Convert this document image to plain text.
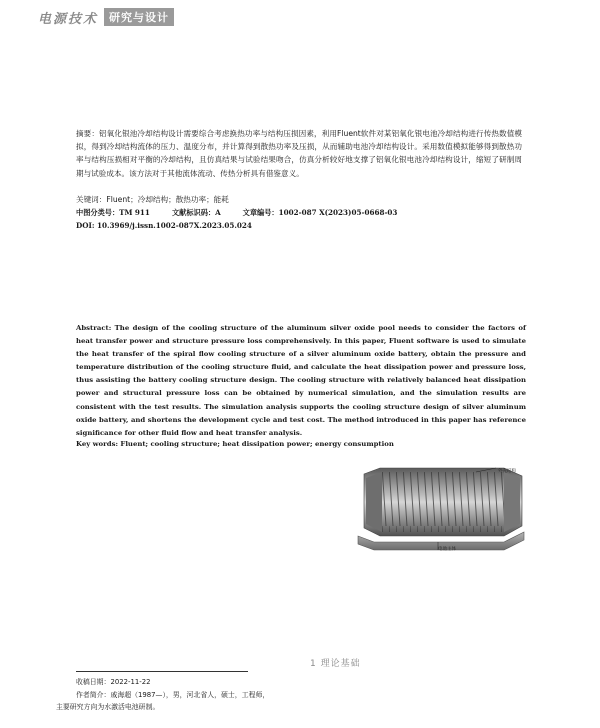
电源技术	研究与设计

摘要：铝氧化银池冷却结构设计需要综合考虑换热功率与结构压损因素，利用Fluent软件对某铝氧化银电池冷却结构进行传热数值模拟，得到冷却结构流体的压力、温度分布，并计算得到散热功率及压损，从而辅助电池冷却结构设计。采用数值模拟能够得到散热功率与结构压损相对平衡的冷却结构，且仿真结果与试验结果吻合，仿真分析较好地支撑了铝氧化银电池冷却结构设计，缩短了研制周期与试验成本。该方法对于其他流体流动、传热分析具有借鉴意义。

关键词：Fluent；冷却结构；散热功率；能耗

中图分类号：TM 911	文献标识码：A	文章编号：1002-087 X(2023)05-0668-03

DOI: 10.3969/j.issn.1002-087X.2023.05.024

Abstract: The design of the cooling structure of the aluminum silver oxide pool needs to consider the factors of heat transfer power and structure pressure loss comprehensively. In this paper, Fluent software is used to simulate the heat transfer of the spiral flow cooling structure of a silver aluminum oxide battery, obtain the pressure and temperature distribution of the cooling structure fluid, and calculate the heat dissipation power and pressure loss, thus assisting the battery cooling structure design. The cooling structure with relatively balanced heat dissipation power and structural pressure loss can be obtained by numerical simulation, and the simulation results are consistent with the test results. The simulation analysis supports the cooling structure design of silver aluminum oxide battery, and shortens the development cycle and test cost. The method introduced in this paper has reference significance for other fluid flow and heat transfer analysis.

Key words: Fluent; cooling structure; heat dissipation power; energy consumption

外壳结构
电池主体

1 理论基础

收稿日期：2022-11-22

作者简介：戚海超（1987—），男，河北省人，硕士，工程师，

主要研究方向为水激活电池研制。
